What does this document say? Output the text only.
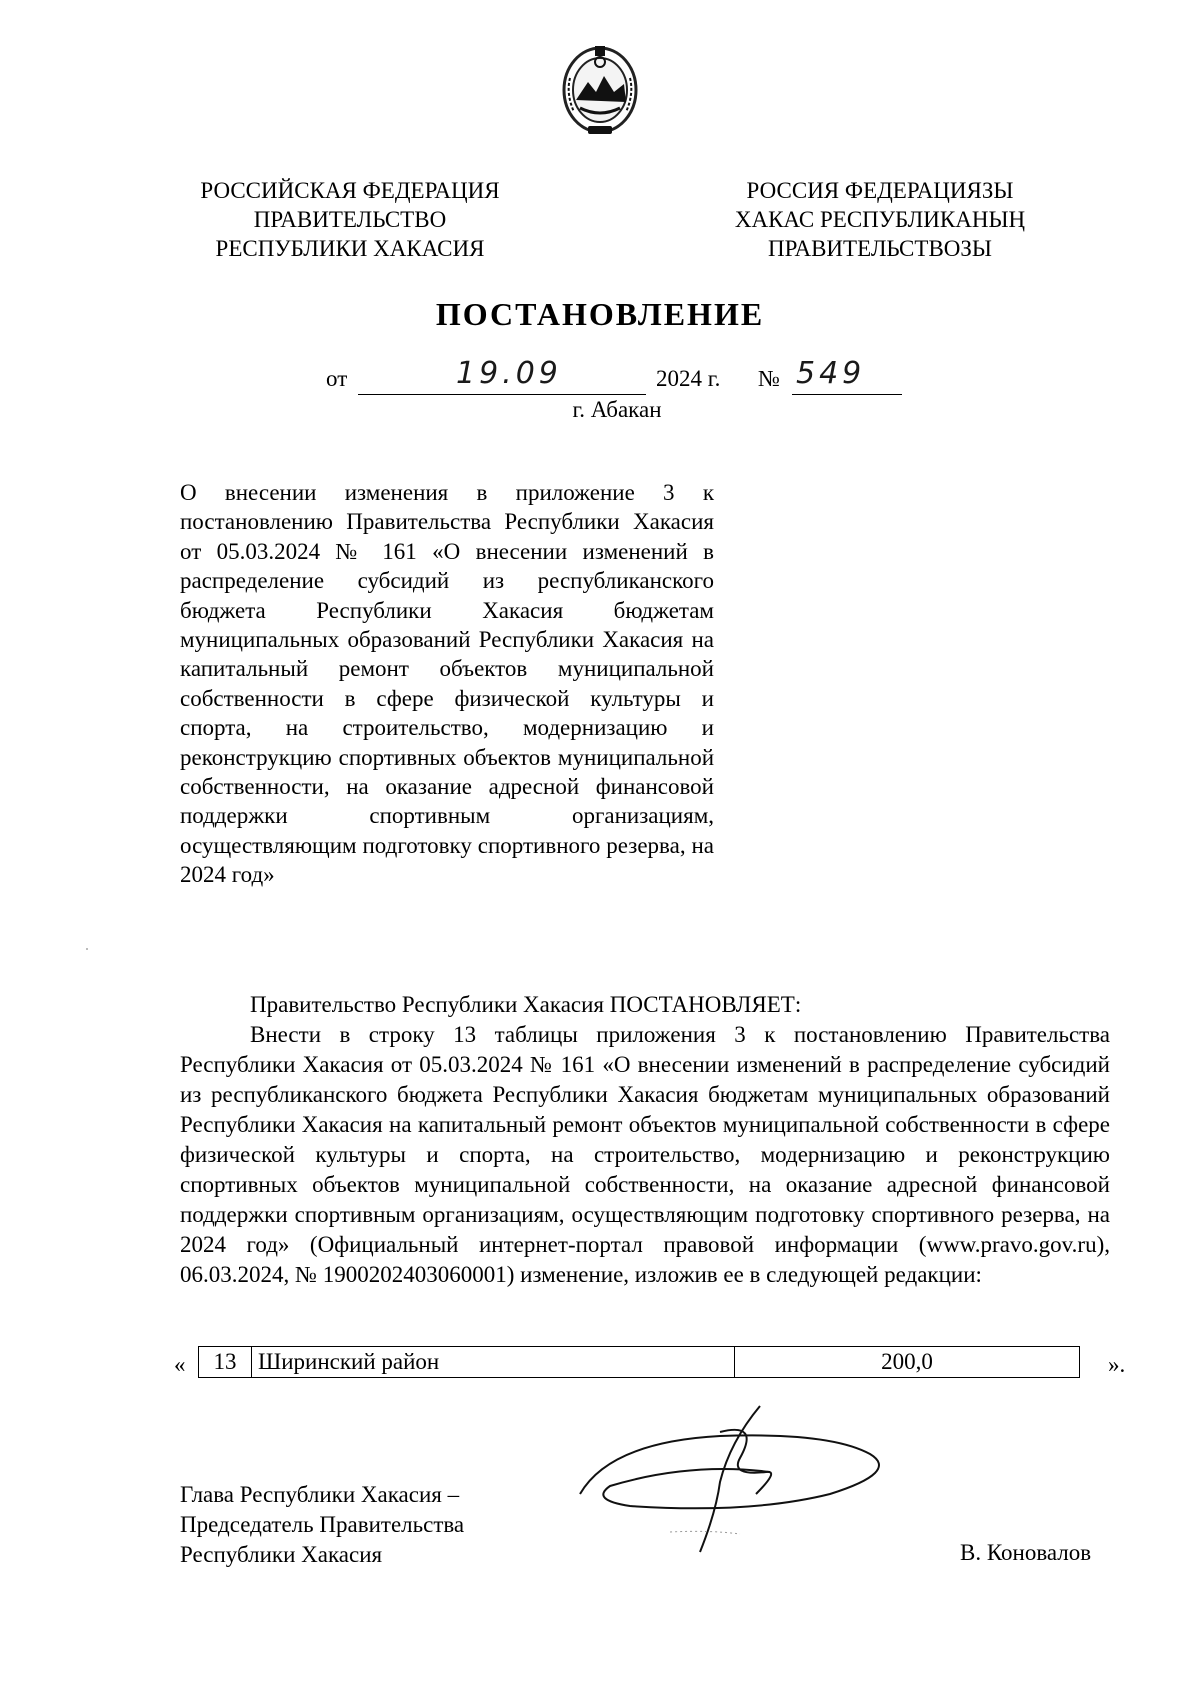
РОССИЙСКАЯ ФЕДЕРАЦИЯ
ПРАВИТЕЛЬСТВО
РЕСПУБЛИКИ ХАКАСИЯ
РОССИЯ ФЕДЕРАЦИЯЗЫ
ХАКАС РЕСПУБЛИКАНЫҢ
ПРАВИТЕЛЬСТВОЗЫ
ПОСТАНОВЛЕНИЕ
от	19.09	2024 г. № 549
г. Абакан
О внесении изменения в приложение 3 к постановлению Правительства Республики Хакасия от 05.03.2024 № 161 «О внесении изменений в распределение субсидий из республиканского бюджета Республики Хакасия бюджетам муниципальных образований Республики Хакасия на капитальный ремонт объектов муниципальной собственности в сфере физической культуры и спорта, на строительство, модернизацию и реконструкцию спортивных объектов муниципальной собственности, на оказание адресной финансовой поддержки спортивным организациям, осуществляющим подготовку спортивного резерва, на 2024 год»

Правительство Республики Хакасия ПОСТАНОВЛЯЕТ:

Внести в строку 13 таблицы приложения 3 к постановлению Правительства Республики Хакасия от 05.03.2024 № 161 «О внесении изменений в распределение субсидий из республиканского бюджета Республики Хакасия бюджетам муниципальных образований Республики Хакасия на капитальный ремонт объектов муниципальной собственности в сфере физической культуры и спорта, на строительство, модернизацию и реконструкцию спортивных объектов муниципальной собственности, на оказание адресной финансовой поддержки спортивным организациям, осуществляющим подготовку спортивного резерва, на 2024 год» (Официальный интернет-портал правовой информации (www.pravo.gov.ru), 06.03.2024, № 1900202403060001) изменение, изложив ее в следующей редакции:

« 13	Ширинский район	200,0	».
Глава Республики Хакасия –
Председатель Правительства
Республики Хакасия	В. Коновалов
